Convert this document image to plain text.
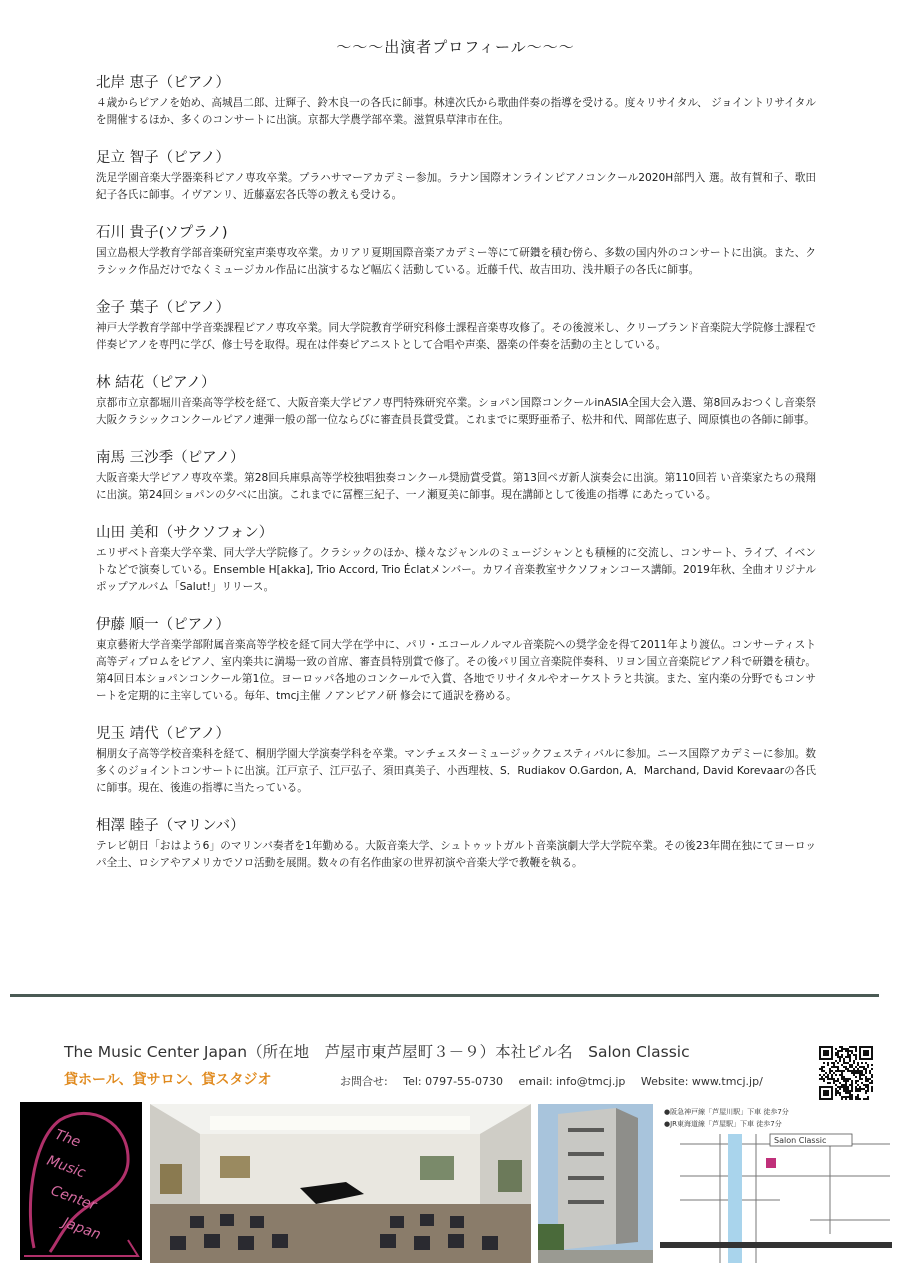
〜〜〜出演者プロフィール〜〜〜
北岸 恵子（ピアノ）
４歳からピアノを始め、高城昌二郎、辻輝子、鈴木良一の各氏に師事。林達次氏から歌曲伴奏の指導を受ける。度々リサイタル、 ジョイントリサイタルを開催するほか、多くのコンサートに出演。京都大学農学部卒業。滋賀県草津市在住。
足立 智子（ピアノ）
洗足学園音楽大学器楽科ピアノ専攻卒業。プラハサマーアカデミー参加。ラナン国際オンラインピアノコンクール2020H部門入 選。故有賀和子、歌田紀子各氏に師事。イヴアンリ、近藤嘉宏各氏等の教えも受ける。
石川 貴子(ソプラノ)
国立島根大学教育学部音楽研究室声楽専攻卒業。カリアリ夏期国際音楽アカデミー等にて研鑽を積む傍ら、多数の国内外のコンサートに出演。また、クラシック作品だけでなくミュージカル作品に出演するなど幅広く活動している。近藤千代、故吉田功、浅井順子の各氏に師事。
金子 葉子（ピアノ）
神戸大学教育学部中学音楽課程ピアノ専攻卒業。同大学院教育学研究科修士課程音楽専攻修了。その後渡米し、クリーブランド音楽院大学院修士課程で伴奏ピアノを専門に学び、修士号を取得。現在は伴奏ピアニストとして合唱や声楽、器楽の伴奏を活動の主としている。
林 結花（ピアノ）
京都市立京都堀川音楽高等学校を経て、大阪音楽大学ピアノ専門特殊研究卒業。ショパン国際コンクールinASIA全国大会入選、第8回みおつくし音楽祭大阪クラシックコンクールピアノ連弾一般の部一位ならびに審査員長賞受賞。これまでに栗野亜希子、松井和代、岡部佐恵子、岡原慎也の各師に師事。
南馬 三沙季（ピアノ）
大阪音楽大学ピアノ専攻卒業。第28回兵庫県高等学校独唱独奏コンクール奨励賞受賞。第13回ペガ新人演奏会に出演。第110回若 い音楽家たちの飛翔に出演。第24回ショパンの夕べに出演。これまでに冨樫三紀子、一ノ瀬夏美に師事。現在講師として後進の指導 にあたっている。
山田 美和（サクソフォン）
エリザベト音楽大学卒業、同大学大学院修了。クラシックのほか、様々なジャンルのミュージシャンとも積極的に交流し、コンサート、ライブ、イベントなどで演奏している。Ensemble H[akka], Trio Accord, Trio Éclatメンバー。カワイ音楽教室サクソフォンコース講師。2019年秋、全曲オリジナルポップアルバム「Salut!」リリース。
伊藤 順一（ピアノ）
東京藝術大学音楽学部附属音楽高等学校を経て同大学在学中に、パリ・エコールノルマル音楽院への奨学金を得て2011年より渡仏。コンサーティスト高等ディプロムをピアノ、室内楽共に満場一致の首席、審査員特別賞で修了。その後パリ国立音楽院伴奏科、リヨン国立音楽院ピアノ科で研鑽を積む。第4回日本ショパンコンクール第1位。ヨーロッパ各地のコンクールで入賞、各地でリサイタルやオーケストラと共演。また、室内楽の分野でもコンサートを定期的に主宰している。毎年、tmcj主催 ノアンピアノ研 修会にて通訳を務める。
児玉 靖代（ピアノ）
桐朋女子高等学校音楽科を経て、桐朋学園大学演奏学科を卒業。マンチェスターミュージックフェスティバルに参加。ニース国際アカデミーに参加。数多くのジョイントコンサートに出演。江戸京子、江戸弘子、須田真美子、小西理枝、S．Rudiakov O.Gardon, A．Marchand, David Korevaarの各氏に師事。現在、後進の指導に当たっている。
相澤 睦子（マリンバ）
テレビ朝日「おはよう6」のマリンバ奏者を1年勤める。大阪音楽大学、シュトゥットガルト音楽演劇大学大学院卒業。その後23年間在独にてヨーロッパ全土、ロシアやアメリカでソロ活動を展開。数々の有名作曲家の世界初演や音楽大学で教鞭を執る。
The Music Center Japan（所在地　芦屋市東芦屋町３－９）本社ビル名　Salon Classic
貸ホール、貸サロン、貸スタジオ	お問合せ: Tel: 0797-55-0730 email: info@tmcj.jp Website: www.tmcj.jp/
The
Music
Center
Japan
●阪急神戸線「芦屋川駅」下車 徒歩7分
●JR東海道線「芦屋駅」下車 徒歩7分
Salon Classic
